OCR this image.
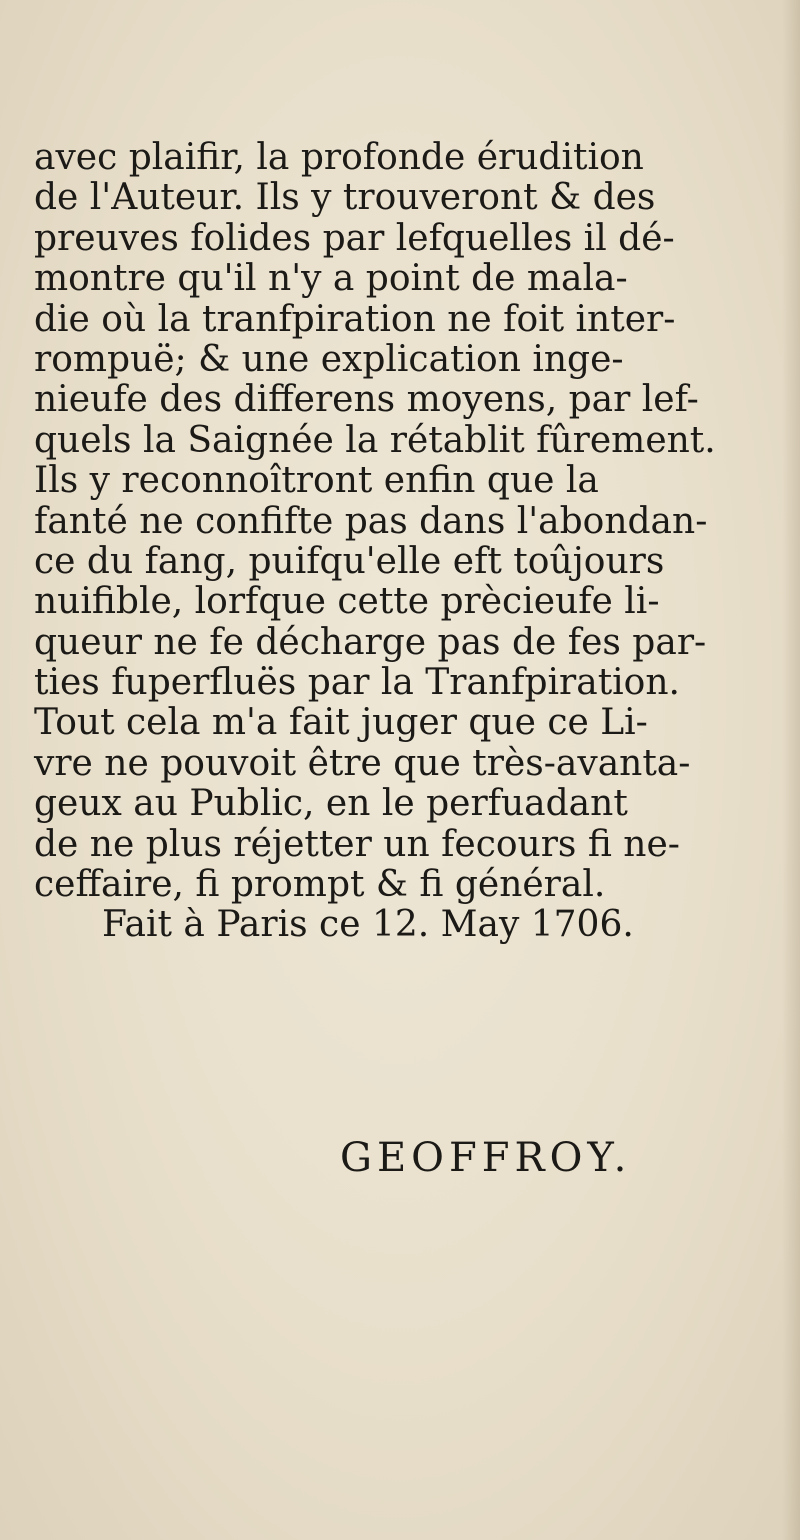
avec plaifir, la profonde érudition
de l'Auteur. Ils y trouveront & des
preuves folides par lefquelles il dé-
montre qu'il n'y a point de mala-
die où la tranfpiration ne foit inter-
rompuë; & une explication inge-
nieufe des differens moyens, par lef-
quels la Saignée la rétablit fûrement.
Ils y reconnoîtront enfin que la
fanté ne confifte pas dans l'abondan-
ce du fang, puifqu'elle eft toûjours
nuifible, lorfque cette prècieufe li-
queur ne fe décharge pas de fes par-
ties fuperfluës par la Tranfpiration.
Tout cela m'a fait juger que ce Li-
vre ne pouvoit être que très-avanta-
geux au Public, en le perfuadant
de ne plus réjetter un fecours fi ne-
ceffaire, fi prompt & fi général.
Fait à Paris ce 12. May 1706.
GEOFFROY.
